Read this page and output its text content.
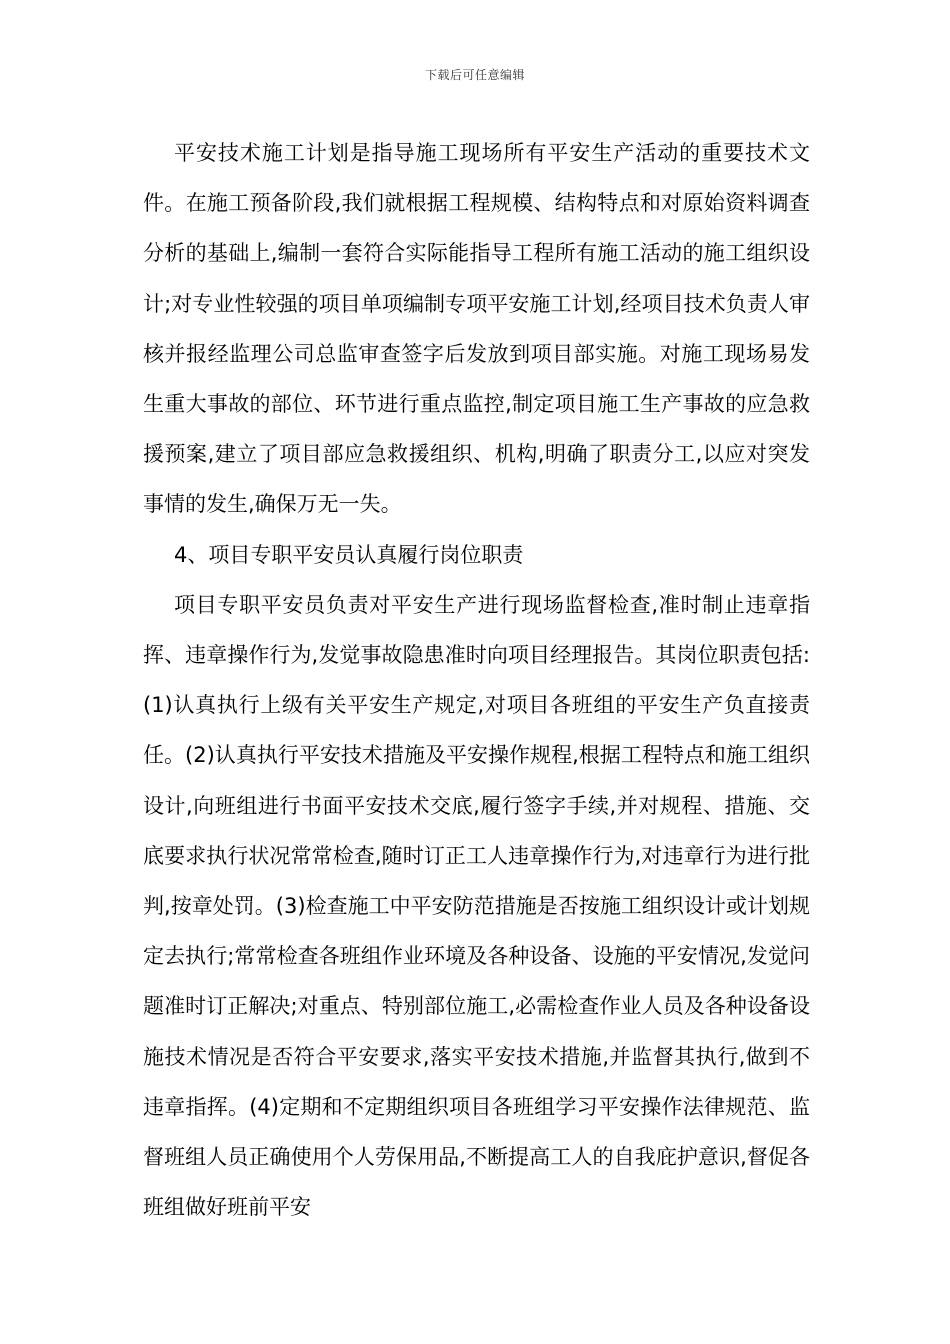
下载后可任意编辑

平安技术施工计划是指导施工现场所有平安生产活动的重要技术文件。在施工预备阶段,我们就根据工程规模、结构特点和对原始资料调查分析的基础上,编制一套符合实际能指导工程所有施工活动的施工组织设计;对专业性较强的项目单项编制专项平安施工计划,经项目技术负责人审核并报经监理公司总监审查签字后发放到项目部实施。对施工现场易发生重大事故的部位、环节进行重点监控,制定项目施工生产事故的应急救援预案,建立了项目部应急救援组织、机构,明确了职责分工,以应对突发事情的发生,确保万无一失。

4、项目专职平安员认真履行岗位职责

项目专职平安员负责对平安生产进行现场监督检查,准时制止违章指挥、违章操作行为,发觉事故隐患准时向项目经理报告。其岗位职责包括:(1)认真执行上级有关平安生产规定,对项目各班组的平安生产负直接责任。(2)认真执行平安技术措施及平安操作规程,根据工程特点和施工组织设计,向班组进行书面平安技术交底,履行签字手续,并对规程、措施、交底要求执行状况常常检查,随时订正工人违章操作行为,对违章行为进行批判,按章处罚。(3)检查施工中平安防范措施是否按施工组织设计或计划规定去执行;常常检查各班组作业环境及各种设备、设施的平安情况,发觉问题准时订正解决;对重点、特别部位施工,必需检查作业人员及各种设备设施技术情况是否符合平安要求,落实平安技术措施,并监督其执行,做到不违章指挥。(4)定期和不定期组织项目各班组学习平安操作法律规范、监督班组人员正确使用个人劳保用品,不断提高工人的自我庇护意识,督促各班组做好班前平安
